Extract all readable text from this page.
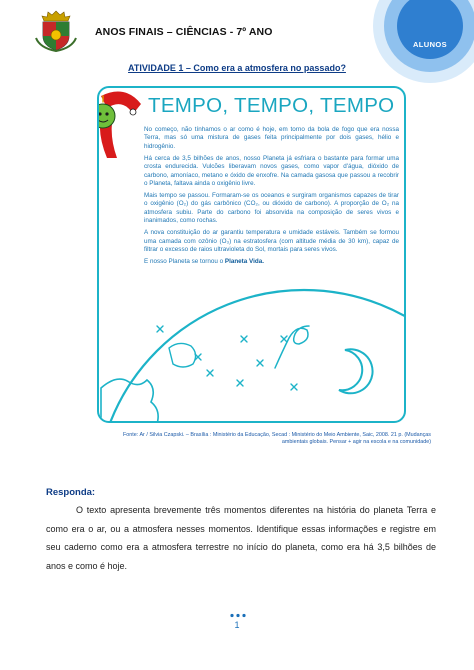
ANOS FINAIS – CIÊNCIAS - 7º ANO
ALUNOS
ATIVIDADE 1 – Como era a atmosfera no passado?
TEMPO, TEMPO, TEMPO

No começo, não tínhamos o ar como é hoje, em torno da bola de fogo que era nossa Terra, mas só uma mistura de gases feita principalmente por dois gases, hélio e hidrogênio.

Há cerca de 3,5 bilhões de anos, nosso Planeta já esfriara o bastante para formar uma crosta endurecida. Vulcões liberavam novos gases, como vapor d'água, dióxido de carbono, amoníaco, metano e óxido de enxofre. Na camada gasosa que passou a recobrir o Planeta, faltava ainda o oxigênio livre.

Mais tempo se passou. Formaram-se os oceanos e surgiram organismos capazes de tirar o oxigênio (O₂) do gás carbônico (CO₂, ou dióxido de carbono). A proporção de O₂ na atmosfera subiu. Parte do carbono foi absorvida na composição de seres vivos e inanimados, como rochas.

A nova constituição do ar garantiu temperatura e umidade estáveis. Também se formou uma camada com ozônio (O₃) na estratosfera (com altitude média de 30 km), capaz de filtrar o excesso de raios ultravioleta do Sol, mortais para seres vivos.

E nosso Planeta se tornou o Planeta Vida.

Fonte: Ar / Silvia Czapski. – Brasília : Ministério da Educação, Secad : Ministério do Meio Ambiente, Saic, 2008. 21 p. (Mudanças
ambientais globais. Pensar + agir na escola e na comunidade)
Responda:
O texto apresenta brevemente três momentos diferentes na história do planeta Terra e como era o ar, ou a atmosfera nesses momentos. Identifique essas informações e registre em seu caderno como era a atmosfera terrestre no início do planeta, como era há 3,5 bilhões de anos e como é hoje.
1
